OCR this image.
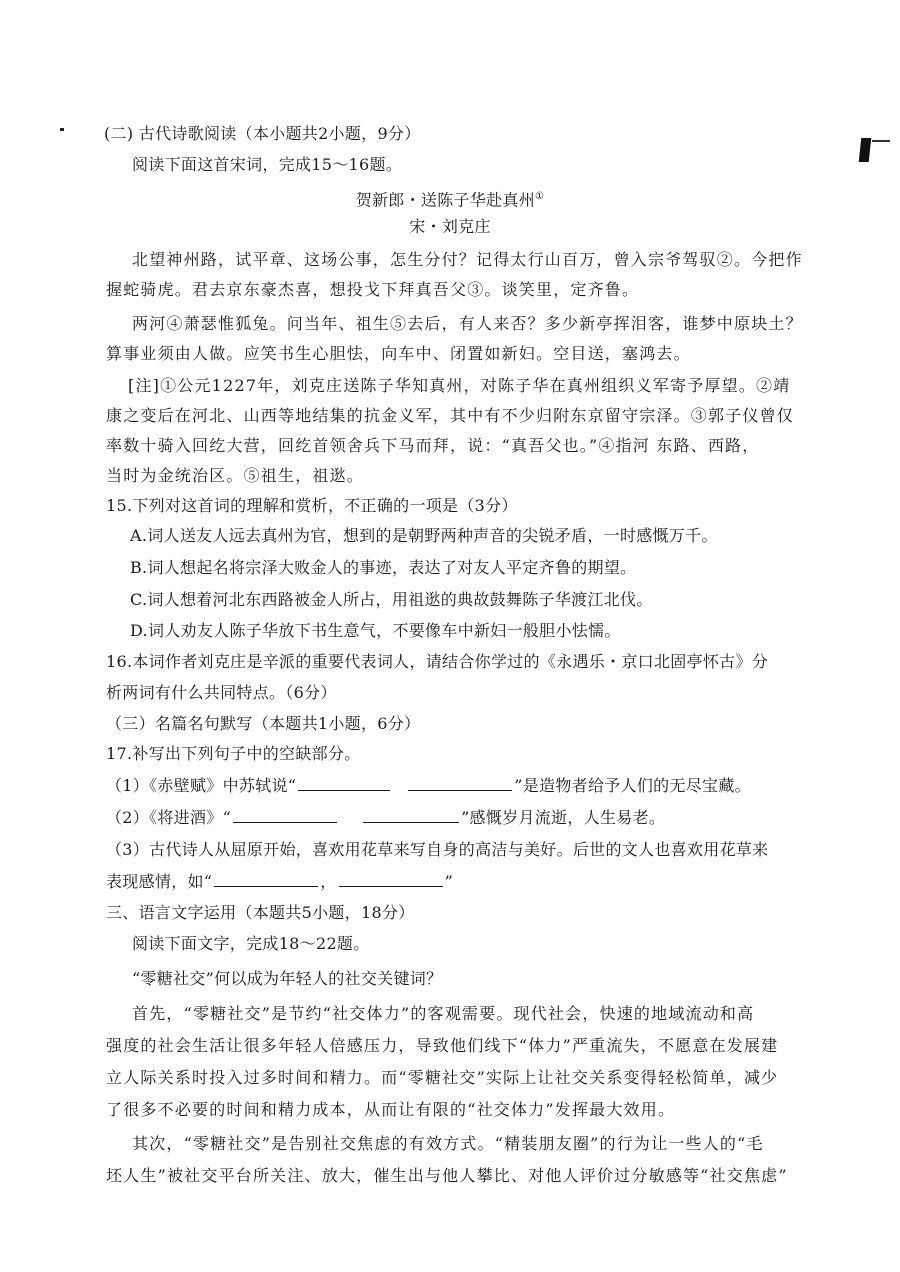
(二) 古代诗歌阅读（本小题共2小题，9分）
阅读下面这首宋词，完成15～16题。
贺新郎・送陈子华赴真州①
宋・刘克庄
北望神州路，试平章、这场公事，怎生分付？记得太行山百万，曾入宗爷驾驭②。今把作
握蛇骑虎。君去京东豪杰喜，想投戈下拜真吾父③。谈笑里，定齐鲁。
两河④萧瑟惟狐兔。问当年、祖生⑤去后，有人来否？多少新亭挥泪客，谁梦中原块土？
算事业须由人做。应笑书生心胆怯，向车中、闭置如新妇。空目送，塞鸿去。
[注]①公元1227年，刘克庄送陈子华知真州，对陈子华在真州组织义军寄予厚望。②靖
康之变后在河北、山西等地结集的抗金义军，其中有不少归附东京留守宗泽。③郭子仪曾仅
率数十骑入回纥大营，回纥首领舍兵下马而拜，说：“真吾父也。”④指河 东路、西路，
当时为金统治区。⑤祖生，祖逖。
15.下列对这首词的理解和赏析，不正确的一项是（3分）
A.词人送友人远去真州为官，想到的是朝野两种声音的尖锐矛盾，一时感慨万千。
B.词人想起名将宗泽大败金人的事迹，表达了对友人平定齐鲁的期望。
C.词人想着河北东西路被金人所占，用祖逖的典故鼓舞陈子华渡江北伐。
D.词人劝友人陈子华放下书生意气，不要像车中新妇一般胆小怯懦。
16.本词作者刘克庄是辛派的重要代表词人，请结合你学过的《永遇乐・京口北固亭怀古》分
析两词有什么共同特点。（6分）
（三）名篇名句默写（本题共1小题，6分）
17.补写出下列句子中的空缺部分。
（1）《赤壁赋》中苏轼说“	”是造物者给予人们的无尽宝藏。
（2）《将进酒》“	”感慨岁月流逝，人生易老。
（3）古代诗人从屈原开始，喜欢用花草来写自身的高洁与美好。后世的文人也喜欢用花草来
表现感情，如“	，	”
三、语言文字运用（本题共5小题，18分）
阅读下面文字，完成18～22题。
“零糖社交”何以成为年轻人的社交关键词？
首先，“零糖社交”是节约“社交体力”的客观需要。现代社会，快速的地域流动和高
强度的社会生活让很多年轻人倍感压力，导致他们线下“体力”严重流失，不愿意在发展建
立人际关系时投入过多时间和精力。而“零糖社交”实际上让社交关系变得轻松简单，减少
了很多不必要的时间和精力成本，从而让有限的“社交体力”发挥最大效用。
其次，“零糖社交”是告别社交焦虑的有效方式。“精装朋友圈”的行为让一些人的“毛
坯人生”被社交平台所关注、放大，催生出与他人攀比、对他人评价过分敏感等“社交焦虑”
